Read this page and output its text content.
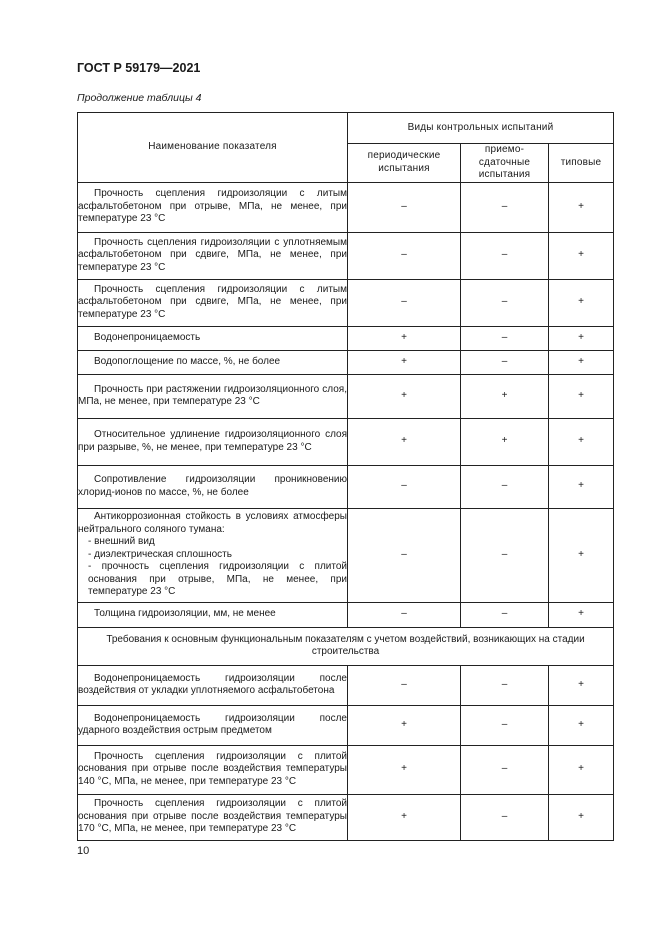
ГОСТ Р 59179—2021
Продолжение таблицы 4
Наименование показателя	Виды контрольных испытаний		
	периодические испытания	приемо-сдаточные испытания	типовые
Прочность сцепления гидроизоляции с литым асфальтобетоном при отрыве, МПа, не менее, при температуре 23 °С	–	–	+
Прочность сцепления гидроизоляции с уплотняемым асфальтобетоном при сдвиге, МПа, не менее, при температуре 23 °С	–	–	+
Прочность сцепления гидроизоляции с литым асфальтобетоном при сдвиге, МПа, не менее, при температуре 23 °С	–	–	+
Водонепроницаемость	+	–	+
Водопоглощение по массе, %, не более	+	–	+
Прочность при растяжении гидроизоляционного слоя, МПа, не менее, при температуре 23 °С	+	+	+
Относительное удлинение гидроизоляционного слоя при разрыве, %, не менее, при температуре 23 °С	+	+	+
Сопротивление гидроизоляции проникновению хлорид-ионов по массе, %, не более	–	–	+
Антикоррозионная стойкость в условиях атмосферы нейтрального соляного тумана:
- внешний вид
- диэлектрическая сплошность
- прочность сцепления гидроизоляции с плитой основания при отрыве, МПа, не менее, при температуре 23 °С	–	–	+
Толщина гидроизоляции, мм, не менее	–	–	+
Требования к основным функциональным показателям с учетом воздействий, возникающих на стадии строительства			
Водонепроницаемость гидроизоляции после воздействия от укладки уплотняемого асфальтобетона	–	–	+
Водонепроницаемость гидроизоляции после ударного воздействия острым предметом	+	–	+
Прочность сцепления гидроизоляции с плитой основания при отрыве после воздействия температуры 140 °С, МПа, не менее, при температуре 23 °С	+	–	+
Прочность сцепления гидроизоляции с плитой основания при отрыве после воздействия температуры 170 °С, МПа, не менее, при температуре 23 °С	+	–	+
10
